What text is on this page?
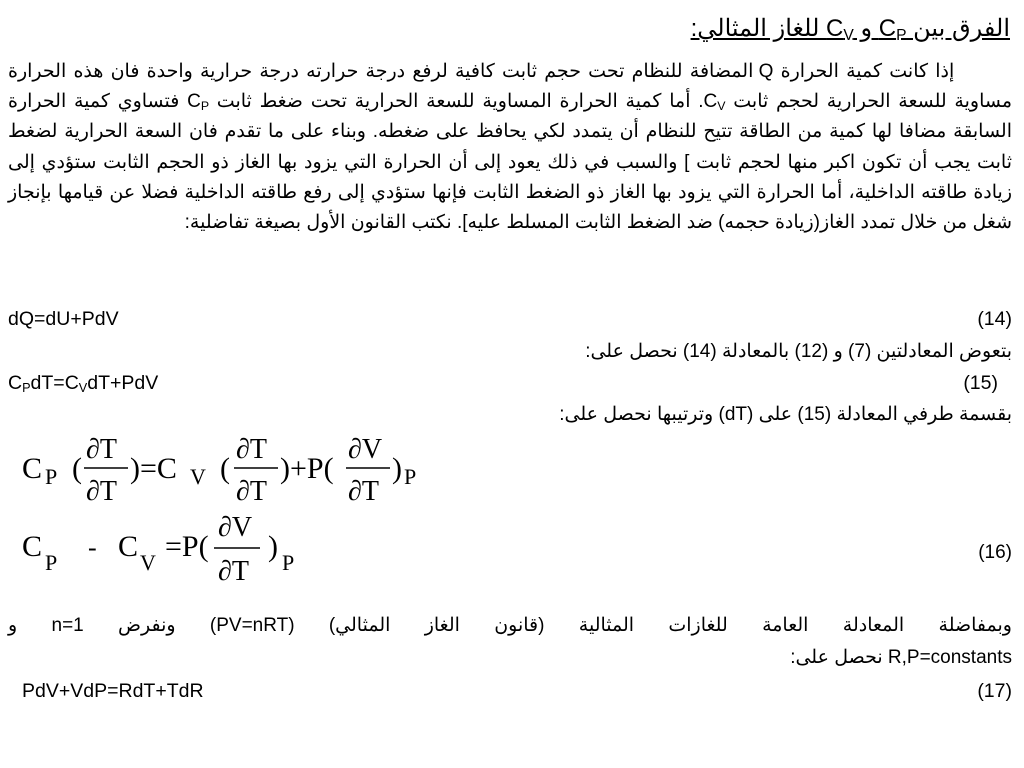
الفرق بين $C_P$ و $C_V$ للغاز المثالي:
إذا كانت كمية الحرارة Q المضافة للنظام تحت حجم ثابت كافية لرفع درجة حرارته درجة حرارية واحدة فان هذه الحرارة مساوية للسعة الحرارية لحجم ثابت $C_V$. أما كمية الحرارة المساوية للسعة الحرارية تحت ضغط ثابت $C_P$ فتساوي كمية الحرارة السابقة مضافا لها كمية من الطاقة تتيح للنظام أن يتمدد لكي يحافظ على ضغطه. وبناء على ما تقدم فان السعة الحرارية لضغط ثابت يجب أن تكون اكبر منها لحجم ثابت ] والسبب في ذلك يعود إلى أن الحرارة التي يزود بها الغاز ذو الحجم الثابت ستؤدي إلى زيادة طاقته الداخلية، أما الحرارة التي يزود بها الغاز ذو الضغط الثابت فإنها ستؤدي إلى رفع طاقته الداخلية فضلا عن قيامها بإنجاز شغل من خلال تمدد الغاز(زيادة حجمه) ضد الضغط الثابت المسلط عليه]. نكتب القانون الأول بصيغة تفاضلية:
dQ=dU+PdV	(14)
بتعوض المعادلتين (7) و (12) بالمعادلة (14) نحصل على:
$C_PdT=C_VdT+PdV$	(15)
بقسمة طرفي المعادلة (15) على (dT) وترتيبها نحصل على:
C P (
∂T
∂T
)=C V (
∂T
∂T
)+P(
∂V
∂T
) P
C P
- C V =P(
∂V
∂T
) P	(16)
وبمفاضلة المعادلة العامة للغازات المثالية (قانون الغاز المثالي) (PV=nRT) ونفرض n=1 و
R,P=constants نحصل على:
PdV+VdP=RdT+TdR	(17)
